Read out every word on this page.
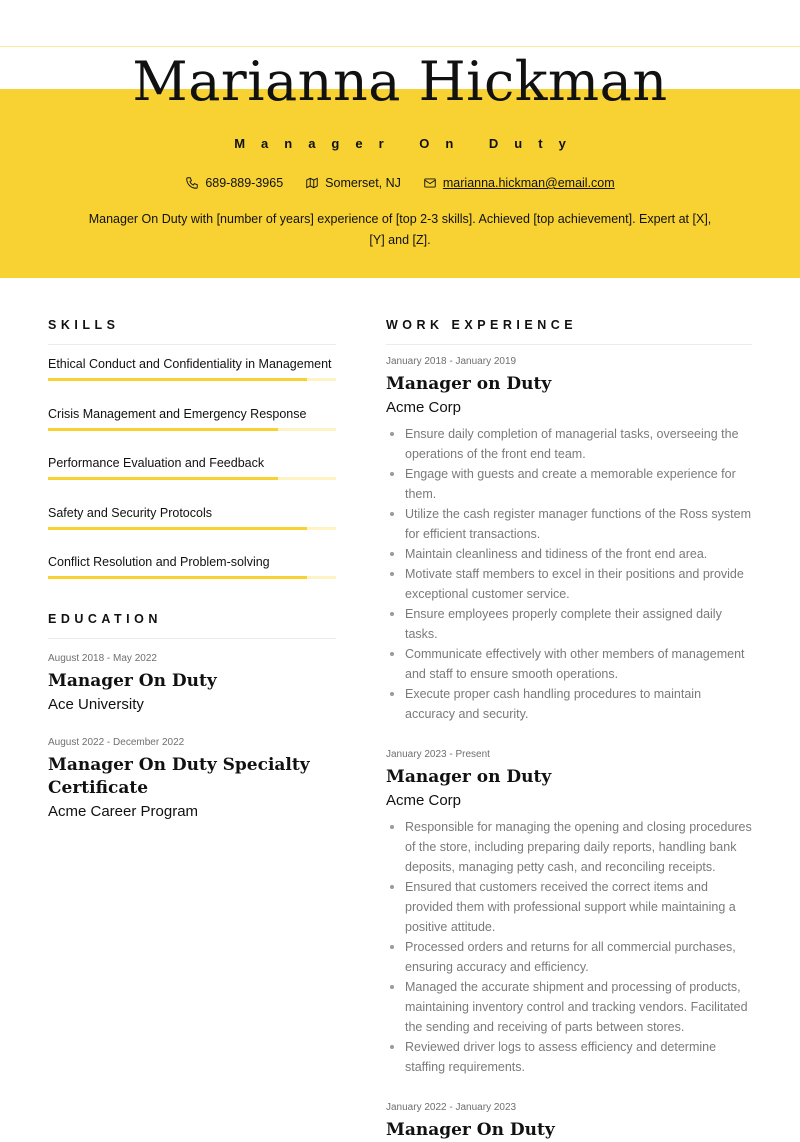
Marianna Hickman
Manager On Duty
689-889-3965	Somerset, NJ	marianna.hickman@email.com
Manager On Duty with [number of years] experience of [top 2-3 skills]. Achieved [top achievement]. Expert at [X], [Y] and [Z].
SKILLS
Ethical Conduct and Confidentiality in Management
Crisis Management and Emergency Response
Performance Evaluation and Feedback
Safety and Security Protocols
Conflict Resolution and Problem-solving
EDUCATION
August 2018 - May 2022
Manager On Duty
Ace University
August 2022 - December 2022
Manager On Duty Specialty Certificate
Acme Career Program
WORK EXPERIENCE
January 2018 - January 2019
Manager on Duty
Acme Corp
Ensure daily completion of managerial tasks, overseeing the operations of the front end team.
Engage with guests and create a memorable experience for them.
Utilize the cash register manager functions of the Ross system for efficient transactions.
Maintain cleanliness and tidiness of the front end area.
Motivate staff members to excel in their positions and provide exceptional customer service.
Ensure employees properly complete their assigned daily tasks.
Communicate effectively with other members of management and staff to ensure smooth operations.
Execute proper cash handling procedures to maintain accuracy and security.
January 2023 - Present
Manager on Duty
Acme Corp
Responsible for managing the opening and closing procedures of the store, including preparing daily reports, handling bank deposits, managing petty cash, and reconciling receipts.
Ensured that customers received the correct items and provided them with professional support while maintaining a positive attitude.
Processed orders and returns for all commercial purchases, ensuring accuracy and efficiency.
Managed the accurate shipment and processing of products, maintaining inventory control and tracking vendors. Facilitated the sending and receiving of parts between stores.
Reviewed driver logs to assess efficiency and determine staffing requirements.
January 2022 - January 2023
Manager On Duty
